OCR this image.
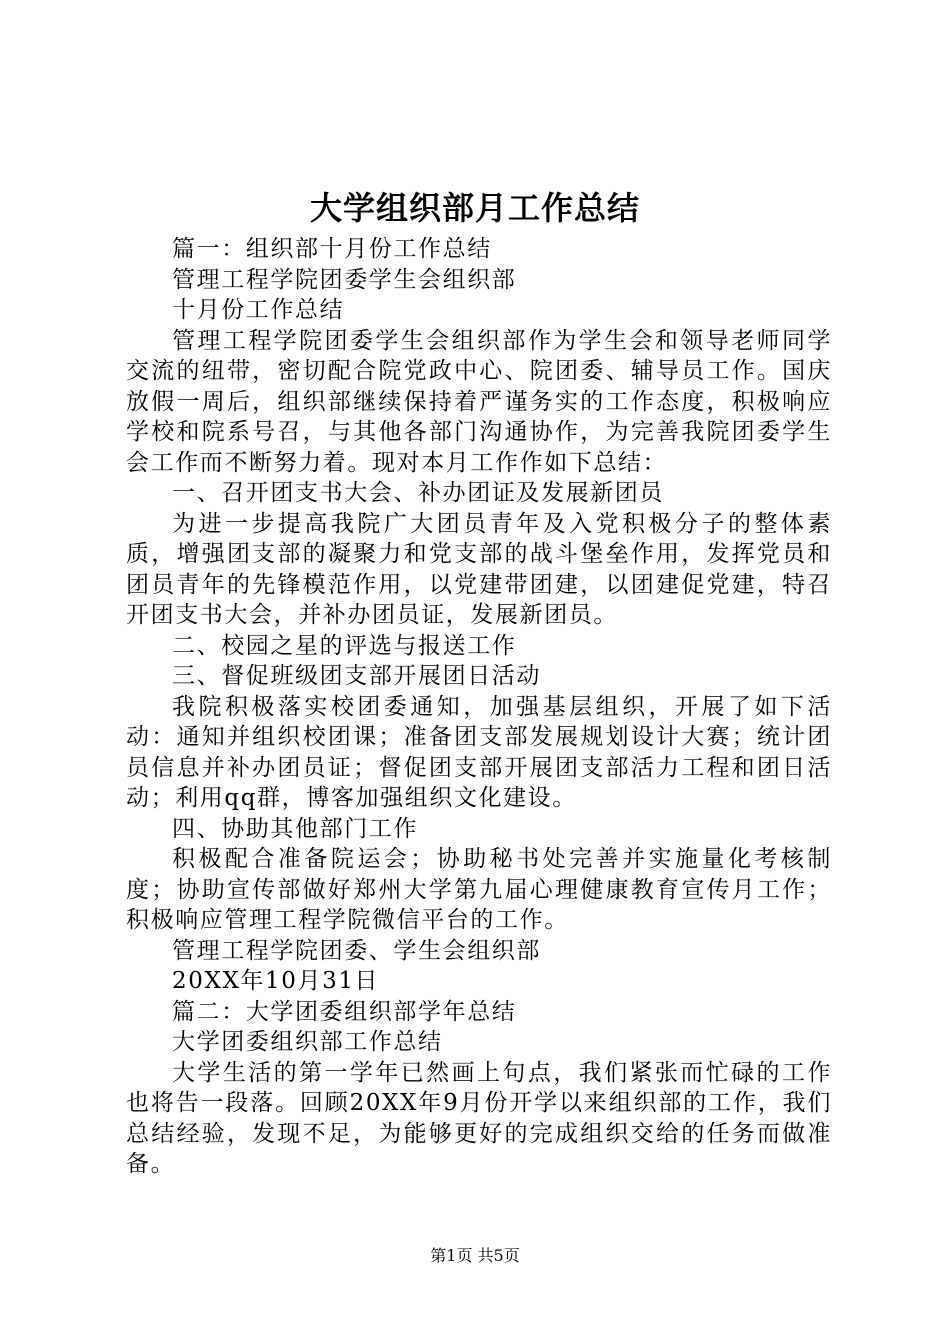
大学组织部月工作总结

篇一：组织部十月份工作总结

管理工程学院团委学生会组织部

十月份工作总结

管理工程学院团委学生会组织部作为学生会和领导老师同学交流的纽带，密切配合院党政中心、院团委、辅导员工作。国庆放假一周后，组织部继续保持着严谨务实的工作态度，积极响应学校和院系号召，与其他各部门沟通协作，为完善我院团委学生会工作而不断努力着。现对本月工作作如下总结：

一、召开团支书大会、补办团证及发展新团员

为进一步提高我院广大团员青年及入党积极分子的整体素质，增强团支部的凝聚力和党支部的战斗堡垒作用，发挥党员和团员青年的先锋模范作用，以党建带团建，以团建促党建，特召开团支书大会，并补办团员证，发展新团员。

二、校园之星的评选与报送工作

三、督促班级团支部开展团日活动

我院积极落实校团委通知，加强基层组织，开展了如下活动：通知并组织校团课；准备团支部发展规划设计大赛；统计团员信息并补办团员证；督促团支部开展团支部活力工程和团日活动；利用qq群，博客加强组织文化建设。

四、协助其他部门工作

积极配合准备院运会；协助秘书处完善并实施量化考核制度；协助宣传部做好郑州大学第九届心理健康教育宣传月工作；积极响应管理工程学院微信平台的工作。

管理工程学院团委、学生会组织部

20XX年10月31日

篇二：大学团委组织部学年总结

大学团委组织部工作总结

大学生活的第一学年已然画上句点，我们紧张而忙碌的工作也将告一段落。回顾20XX年9月份开学以来组织部的工作，我们总结经验，发现不足，为能够更好的完成组织交给的任务而做准备。

第1页 共5页
